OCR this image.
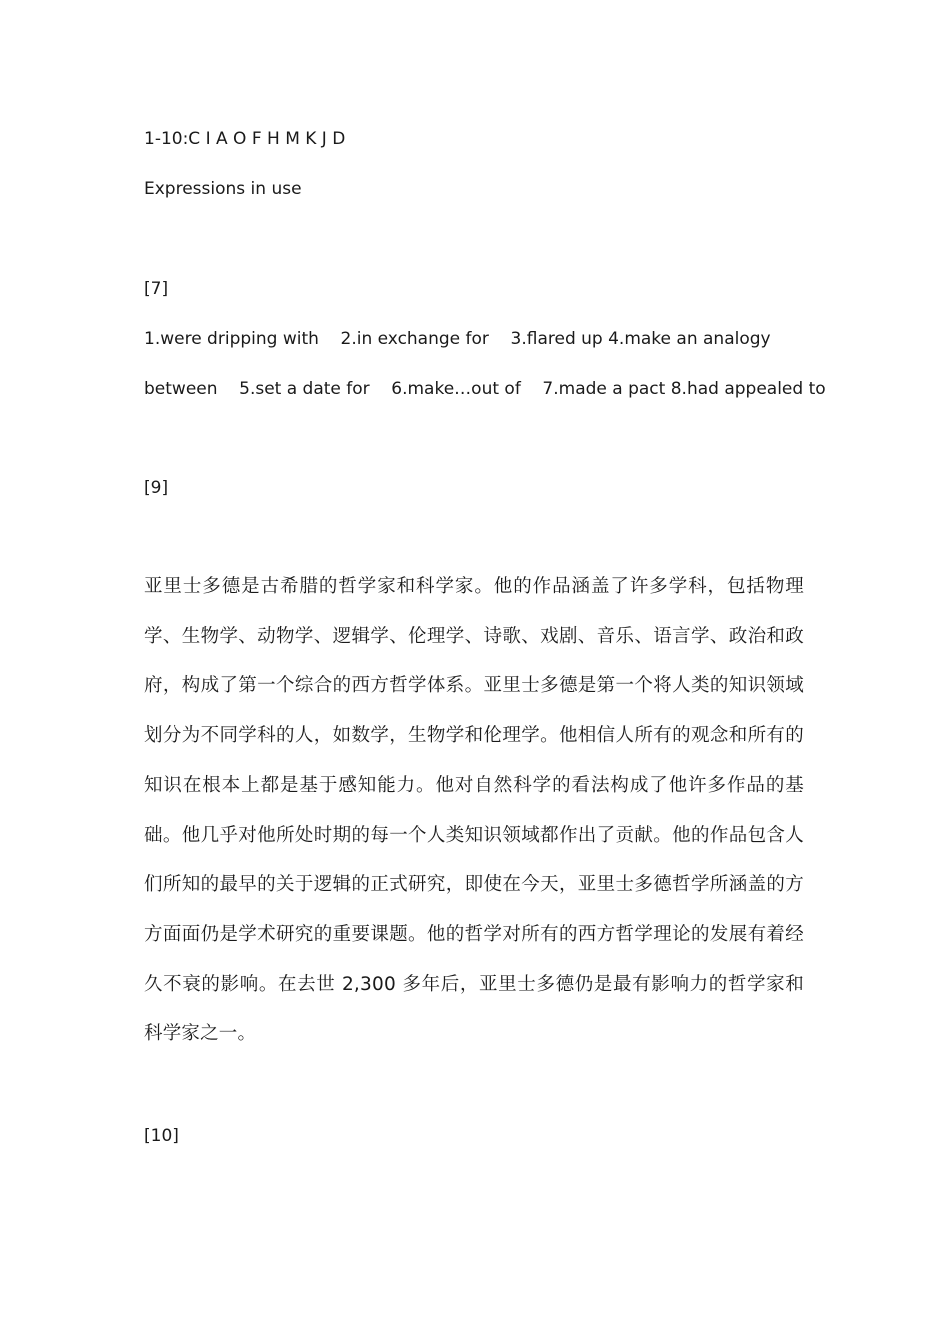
1-10:C I A O F H M K J D
Expressions in use
[7]
1.were dripping with    2.in exchange for    3.flared up 4.make an analogy
between    5.set a date for    6.make…out of    7.made a pact 8.had appealed to
[9]
亚里士多德是古希腊的哲学家和科学家。他的作品涵盖了许多学科，包括物理学、生物学、动物学、逻辑学、伦理学、诗歌、戏剧、音乐、语言学、政治和政府，构成了第一个综合的西方哲学体系。亚里士多德是第一个将人类的知识领域划分为不同学科的人，如数学，生物学和伦理学。他相信人所有的观念和所有的知识在根本上都是基于感知能力。他对自然科学的看法构成了他许多作品的基础。他几乎对他所处时期的每一个人类知识领域都作出了贡献。他的作品包含人们所知的最早的关于逻辑的正式研究，即使在今天，亚里士多德哲学所涵盖的方方面面仍是学术研究的重要课题。他的哲学对所有的西方哲学理论的发展有着经久不衰的影响。在去世 2,300 多年后，亚里士多德仍是最有影响力的哲学家和科学家之一。
[10]
